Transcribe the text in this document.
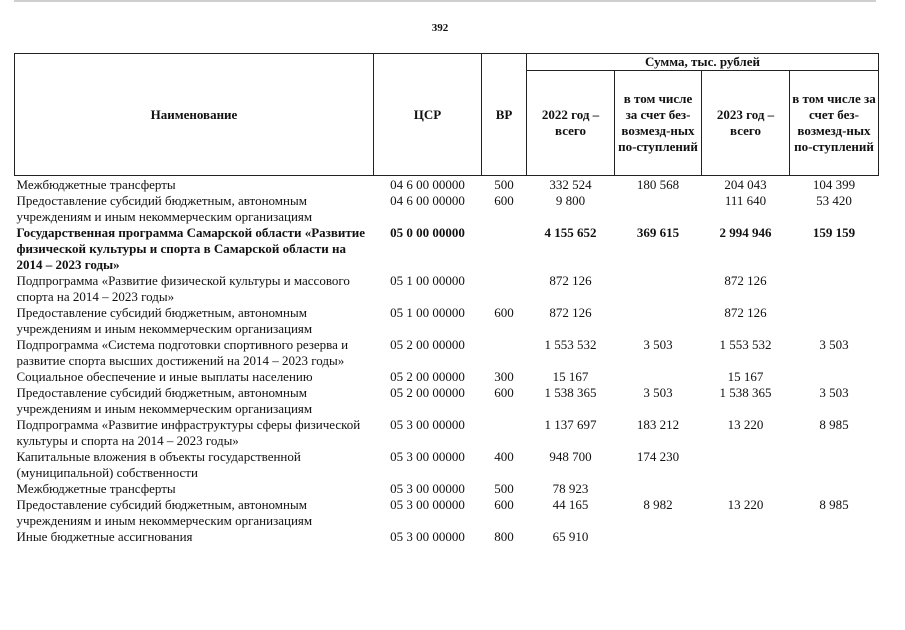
392
Наименование	ЦСР	ВР	Сумма, тыс. рублей			
			2022 год – всего	в том числе за счет без-возмезд-ных по-ступлений	2023 год – всего	в том числе за счет без-возмезд-ных по-ступлений
Межбюджетные трансферты	04 6 00 00000	500	332 524	180 568	204 043	104 399
Предоставление субсидий бюджетным, автономным учреждениям и иным некоммерческим организациям	04 6 00 00000	600	9 800		111 640	53 420
Государственная программа Самарской области «Развитие физической культуры и спорта в Самарской области на 2014 – 2023 годы»	05 0 00 00000		4 155 652	369 615	2 994 946	159 159
Подпрограмма «Развитие физической культуры и массового спорта на 2014 – 2023 годы»	05 1 00 00000		872 126		872 126	
Предоставление субсидий бюджетным, автономным учреждениям и иным некоммерческим организациям	05 1 00 00000	600	872 126		872 126	
Подпрограмма «Система подготовки спортивного резерва и развитие спорта высших достижений на 2014 – 2023 годы»	05 2 00 00000		1 553 532	3 503	1 553 532	3 503
Социальное обеспечение и иные выплаты населению	05 2 00 00000	300	15 167		15 167	
Предоставление субсидий бюджетным, автономным учреждениям и иным некоммерческим организациям	05 2 00 00000	600	1 538 365	3 503	1 538 365	3 503
Подпрограмма «Развитие инфраструктуры сферы физической культуры и спорта на 2014 – 2023 годы»	05 3 00 00000		1 137 697	183 212	13 220	8 985
Капитальные вложения в объекты государственной (муниципальной) собственности	05 3 00 00000	400	948 700	174 230		
Межбюджетные трансферты	05 3 00 00000	500	78 923			
Предоставление субсидий бюджетным, автономным учреждениям и иным некоммерческим организациям	05 3 00 00000	600	44 165	8 982	13 220	8 985
Иные бюджетные ассигнования	05 3 00 00000	800	65 910			
